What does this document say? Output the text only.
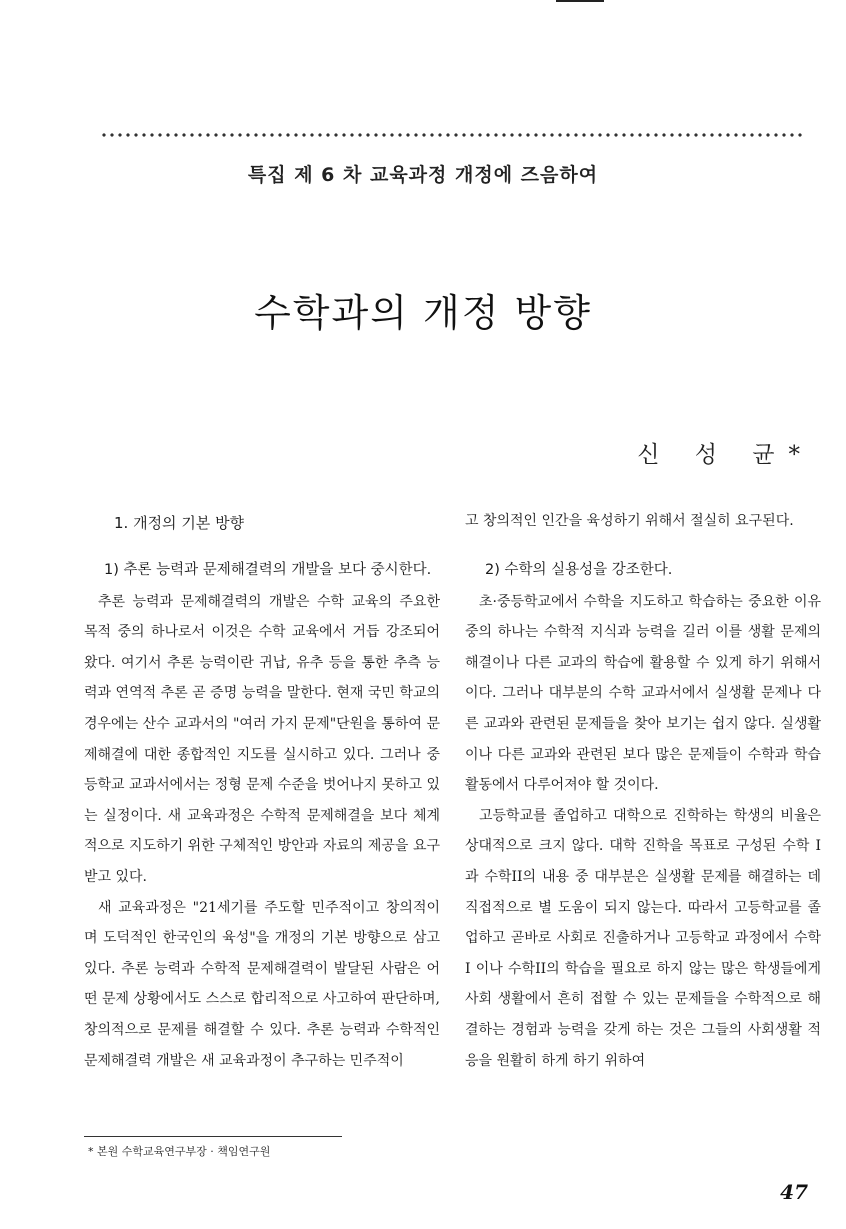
특집 제 6 차 교육과정 개정에 즈음하여
수학과의 개정 방향
신 성 균*
1. 개정의 기본 방향
1) 추론 능력과 문제해결력의 개발을 보다 중시한다.

추론 능력과 문제해결력의 개발은 수학 교육의 주요한 목적 중의 하나로서 이것은 수학 교육에서 거듭 강조되어 왔다. 여기서 추론 능력이란 귀납, 유추 등을 통한 추측 능력과 연역적 추론 곧 증명 능력을 말한다. 현재 국민 학교의 경우에는 산수 교과서의 "여러 가지 문제"단원을 통하여 문제해결에 대한 종합적인 지도를 실시하고 있다. 그러나 중등학교 교과서에서는 정형 문제 수준을 벗어나지 못하고 있는 실정이다. 새 교육과정은 수학적 문제해결을 보다 체계적으로 지도하기 위한 구체적인 방안과 자료의 제공을 요구받고 있다.

새 교육과정은 "21세기를 주도할 민주적이고 창의적이며 도덕적인 한국인의 육성"을 개정의 기본 방향으로 삼고 있다. 추론 능력과 수학적 문제해결력이 발달된 사람은 어떤 문제 상황에서도 스스로 합리적으로 사고하여 판단하며, 창의적으로 문제를 해결할 수 있다. 추론 능력과 수학적인 문제해결력 개발은 새 교육과정이 추구하는 민주적이

고 창의적인 인간을 육성하기 위해서 절실히 요구된다.

2) 수학의 실용성을 강조한다.

초·중등학교에서 수학을 지도하고 학습하는 중요한 이유 중의 하나는 수학적 지식과 능력을 길러 이를 생활 문제의 해결이나 다른 교과의 학습에 활용할 수 있게 하기 위해서이다. 그러나 대부분의 수학 교과서에서 실생활 문제나 다른 교과와 관련된 문제들을 찾아 보기는 쉽지 않다. 실생활이나 다른 교과와 관련된 보다 많은 문제들이 수학과 학습 활동에서 다루어져야 할 것이다.

고등학교를 졸업하고 대학으로 진학하는 학생의 비율은 상대적으로 크지 않다. 대학 진학을 목표로 구성된 수학 I 과 수학II의 내용 중 대부분은 실생활 문제를 해결하는 데 직접적으로 별 도움이 되지 않는다. 따라서 고등학교를 졸업하고 곧바로 사회로 진출하거나 고등학교 과정에서 수학 I 이나 수학II의 학습을 필요로 하지 않는 많은 학생들에게 사회 생활에서 흔히 접할 수 있는 문제들을 수학적으로 해결하는 경험과 능력을 갖게 하는 것은 그들의 사회생활 적응을 원활히 하게 하기 위하여

* 본원 수학교육연구부장 · 책임연구원
47
